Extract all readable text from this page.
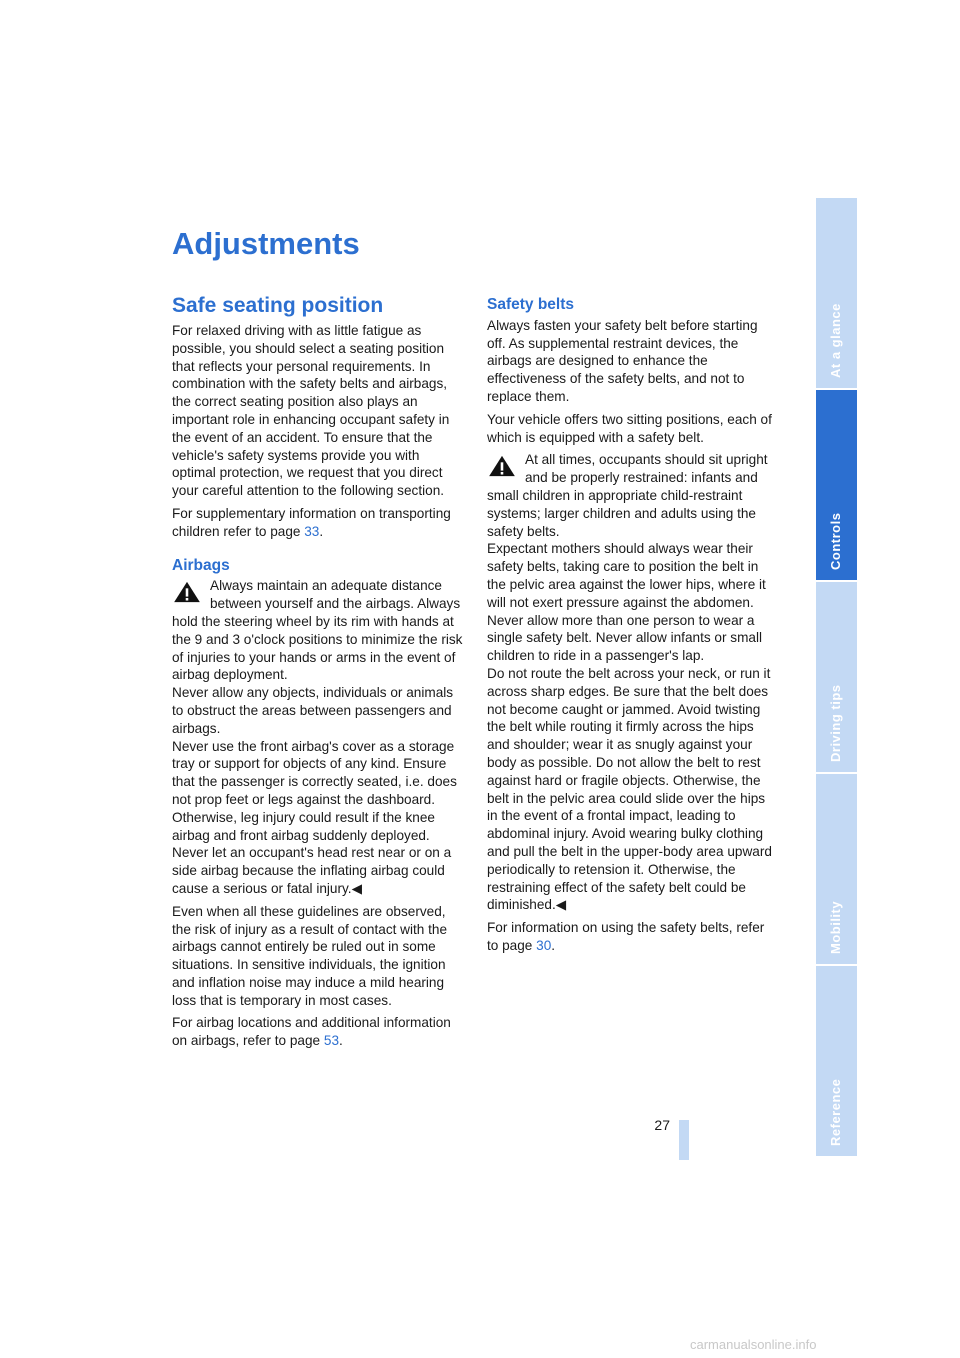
Adjustments
Safe seating position

For relaxed driving with as little fatigue as possible, you should select a seating position that reflects your personal requirements. In combination with the safety belts and airbags, the correct seating position also plays an important role in enhancing occupant safety in the event of an accident. To ensure that the vehicle's safety systems provide you with optimal protection, we request that you direct your careful attention to the following section.

For supplementary information on transporting children refer to page 33.

Airbags
Always maintain an adequate distance between yourself and the airbags. Always hold the steering wheel by its rim with hands at the 9 and 3 o'clock positions to minimize the risk of injuries to your hands or arms in the event of airbag deployment.
Never allow any objects, individuals or animals to obstruct the areas between passengers and airbags.
Never use the front airbag's cover as a storage tray or support for objects of any kind. Ensure that the passenger is correctly seated, i.e. does not prop feet or legs against the dashboard. Otherwise, leg injury could result if the knee airbag and front airbag suddenly deployed.
Never let an occupant's head rest near or on a side airbag because the inflating airbag could cause a serious or fatal injury.◀

Even when all these guidelines are observed, the risk of injury as a result of contact with the airbags cannot entirely be ruled out in some situations. In sensitive individuals, the ignition and inflation noise may induce a mild hearing loss that is temporary in most cases.

For airbag locations and additional information on airbags, refer to page 53.

Safety belts

Always fasten your safety belt before starting off. As supplemental restraint devices, the airbags are designed to enhance the effectiveness of the safety belts, and not to replace them.

Your vehicle offers two sitting positions, each of which is equipped with a safety belt.

At all times, occupants should sit upright and be properly restrained: infants and small children in appropriate child-restraint systems; larger children and adults using the safety belts.
Expectant mothers should always wear their safety belts, taking care to position the belt in the pelvic area against the lower hips, where it will not exert pressure against the abdomen.
Never allow more than one person to wear a single safety belt. Never allow infants or small children to ride in a passenger's lap.
Do not route the belt across your neck, or run it across sharp edges. Be sure that the belt does not become caught or jammed. Avoid twisting the belt while routing it firmly across the hips and shoulder; wear it as snugly against your body as possible. Do not allow the belt to rest against hard or fragile objects. Otherwise, the belt in the pelvic area could slide over the hips in the event of a frontal impact, leading to abdominal injury. Avoid wearing bulky clothing and pull the belt in the upper-body area upward periodically to retension it. Otherwise, the restraining effect of the safety belt could be diminished.◀

For information on using the safety belts, refer to page 30.

At a glance
Controls
Driving tips
Mobility
Reference
27
carmanualsonline.info
